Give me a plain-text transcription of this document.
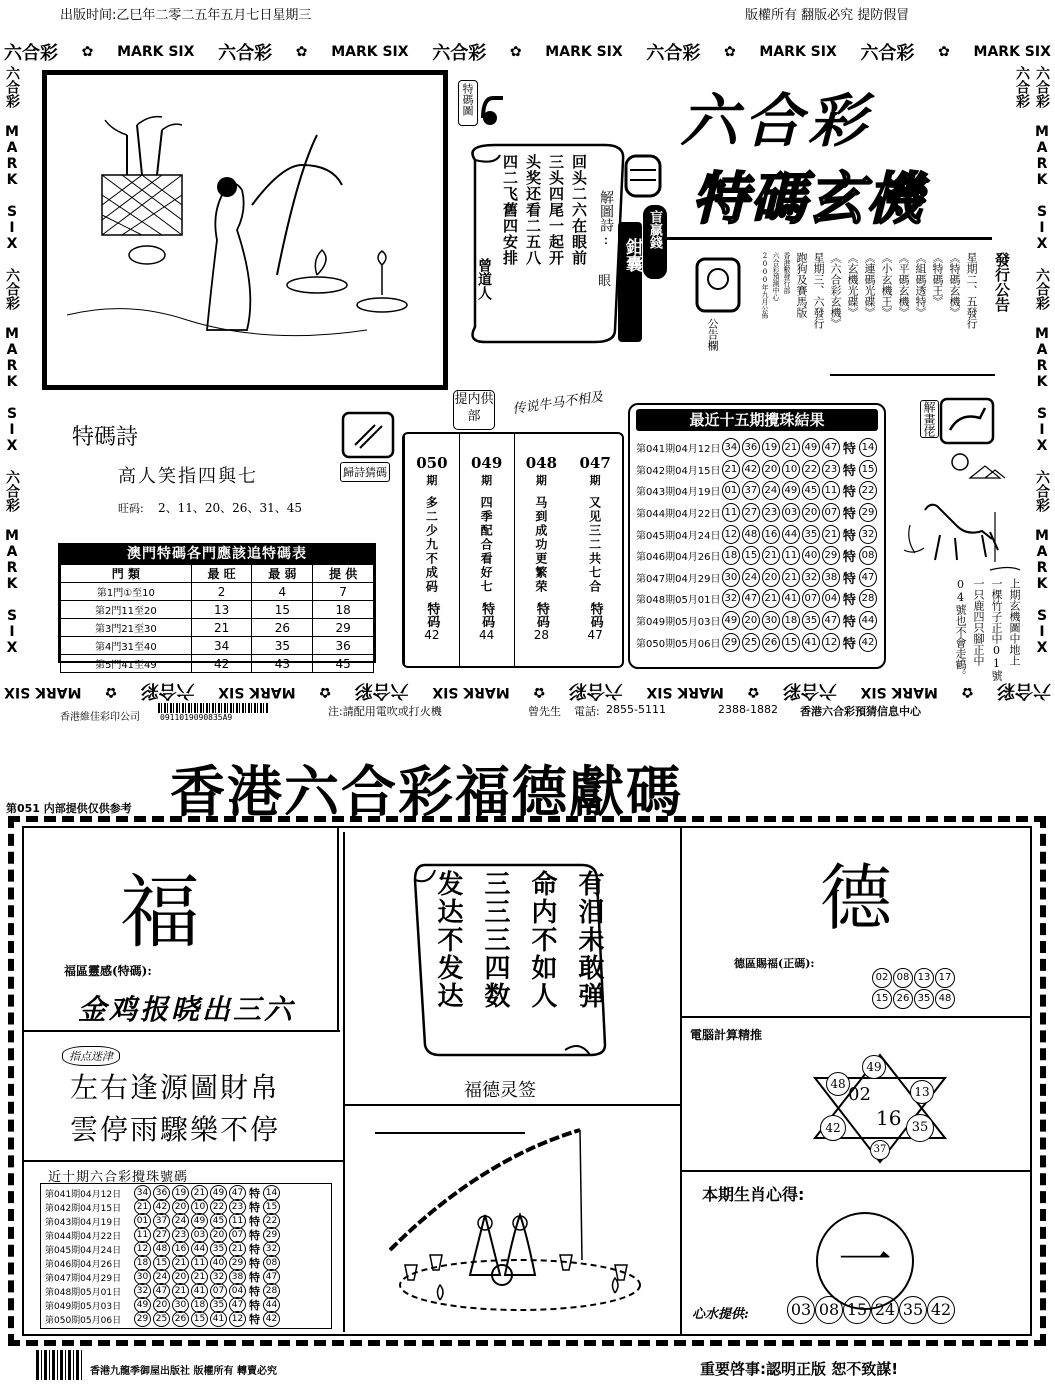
出版时间:乙巳年二零二五年五月七日星期三	版權所有 翻版必究 提防假冒
六合彩 ✿ MARK SIX 六合彩 ✿ MARK SIX 六合彩 ✿ MARK SIX 六合彩 ✿ MARK SIX 六合彩 ✿ MARK SIX
六合彩 MARK SIX 六合彩 MARK SIX 六合彩 MARK SIX	六合彩 MARK SIX 六合彩 MARK SIX 六合彩 MARK SIX 六合彩
特碼圖
回头二六在眼前
三头四尾一起开
头奖还看二五八
四二飞舊四安排	解圖詩:
眼
曾道人
盲贏錢
鉗囊
六合彩
特碼玄機
公告欄
發行公告
星期二、五發行
《特碼玄機》
《特碼王》
《組碼透特》
《平碼玄機》
《小玄機王》
《連碼光碟》
《玄機光碟》
《六合彩玄機》
星期三、六發行
跑狗及賽馬版
香港數發行部
六合彩預測中心
2000年九月公佈
特碼詩
高人笑指四與七
旺码: 2、11、20、26、31、45
歸詩猜碼
澳門特碼各門應該追特碼表
門 類	最 旺	最 弱	提 供
第1門①至10	2	4	7
第2門11至20	13	15	18
第3門21至30	21	26	29
第4門31至40	34	35	36
第5門41至49	42	43	45
提内供部	传说牛马不相及
047
期
又见三二共七合
特码
47
048
期
马到成功更繁荣
特码
28
049
期
四季配合看好七
特码
44
050
期
多二少九不成码
特码
42
最近十五期攪珠結果
第041期04月12日 34 36 19 21 49 47 特 14
第042期04月15日 21 42 20 10 22 23 特 15
第043期04月19日 01 37 24 49 45 11 特 22
第044期04月22日 11 27 23 03 20 07 特 29
第045期04月24日 12 48 16 44 35 21 特 32
第046期04月26日 18 15 21 11 40 29 特 08
第047期04月29日 30 24 20 21 32 38 特 47
第048期05月01日 32 47 21 41 07 04 特 28
第049期05月03日 49 20 30 18 35 47 特 44
第050期05月06日 29 25 26 15 41 12 特 42
解畫佬
上期玄機圖中地上
一棵竹子正中01號
一只鹿四只腳正中
04號也不會走鶴。
六合彩
✿
MARK SIX
六合彩
✿
MARK SIX
六合彩
✿
MARK SIX
六合彩
✿
MARK SIX
六合彩
✿
MARK SIX
香港維佳彩印公司	0911019090835A9	注:請配用電吹或打火機	曾先生 電話: 2855-5111	2388-1882 香港六合彩預猜信息中心
香港六合彩福德獻碼
第051 内部提供仅供参考
福
福區靈感(特碼):
金鸡报晓出三六
指点迷津
左右逢源圖財帛
雲停雨驟樂不停
近十期六合彩攪珠號碼
第041期04月12日	34 36 19 21 49 47 特 14
第042期04月15日	21 42 20 10 22 23 特 15
第043期04月19日	01 37 24 49 45 11 特 22
第044期04月22日	11 27 23 03 20 07 特 29
第045期04月24日	12 48 16 44 35 21 特 32
第046期04月26日	18 15 21 11 40 29 特 08
第047期04月29日	30 24 20 21 32 38 特 47
第048期05月01日	32 47 21 41 07 04 特 28
第049期05月03日	49 20 30 18 35 47 特 44
第050期05月06日	29 25 26 15 41 12 特 42
有泪未敢弹
命内不如人
三三三四数
发达不发达
福德灵签
德
德區賜福(正碼):
02 08 13 17
15 26 35 48
電腦計算精推
49
48
13
42	35
37
02
16
本期生肖心得:
一
心水提供:	03 08 15 24 35 42
香港九龍季御屋出版社 版權所有 轉賣必究	重要啓事:認明正版 恕不致謀!
